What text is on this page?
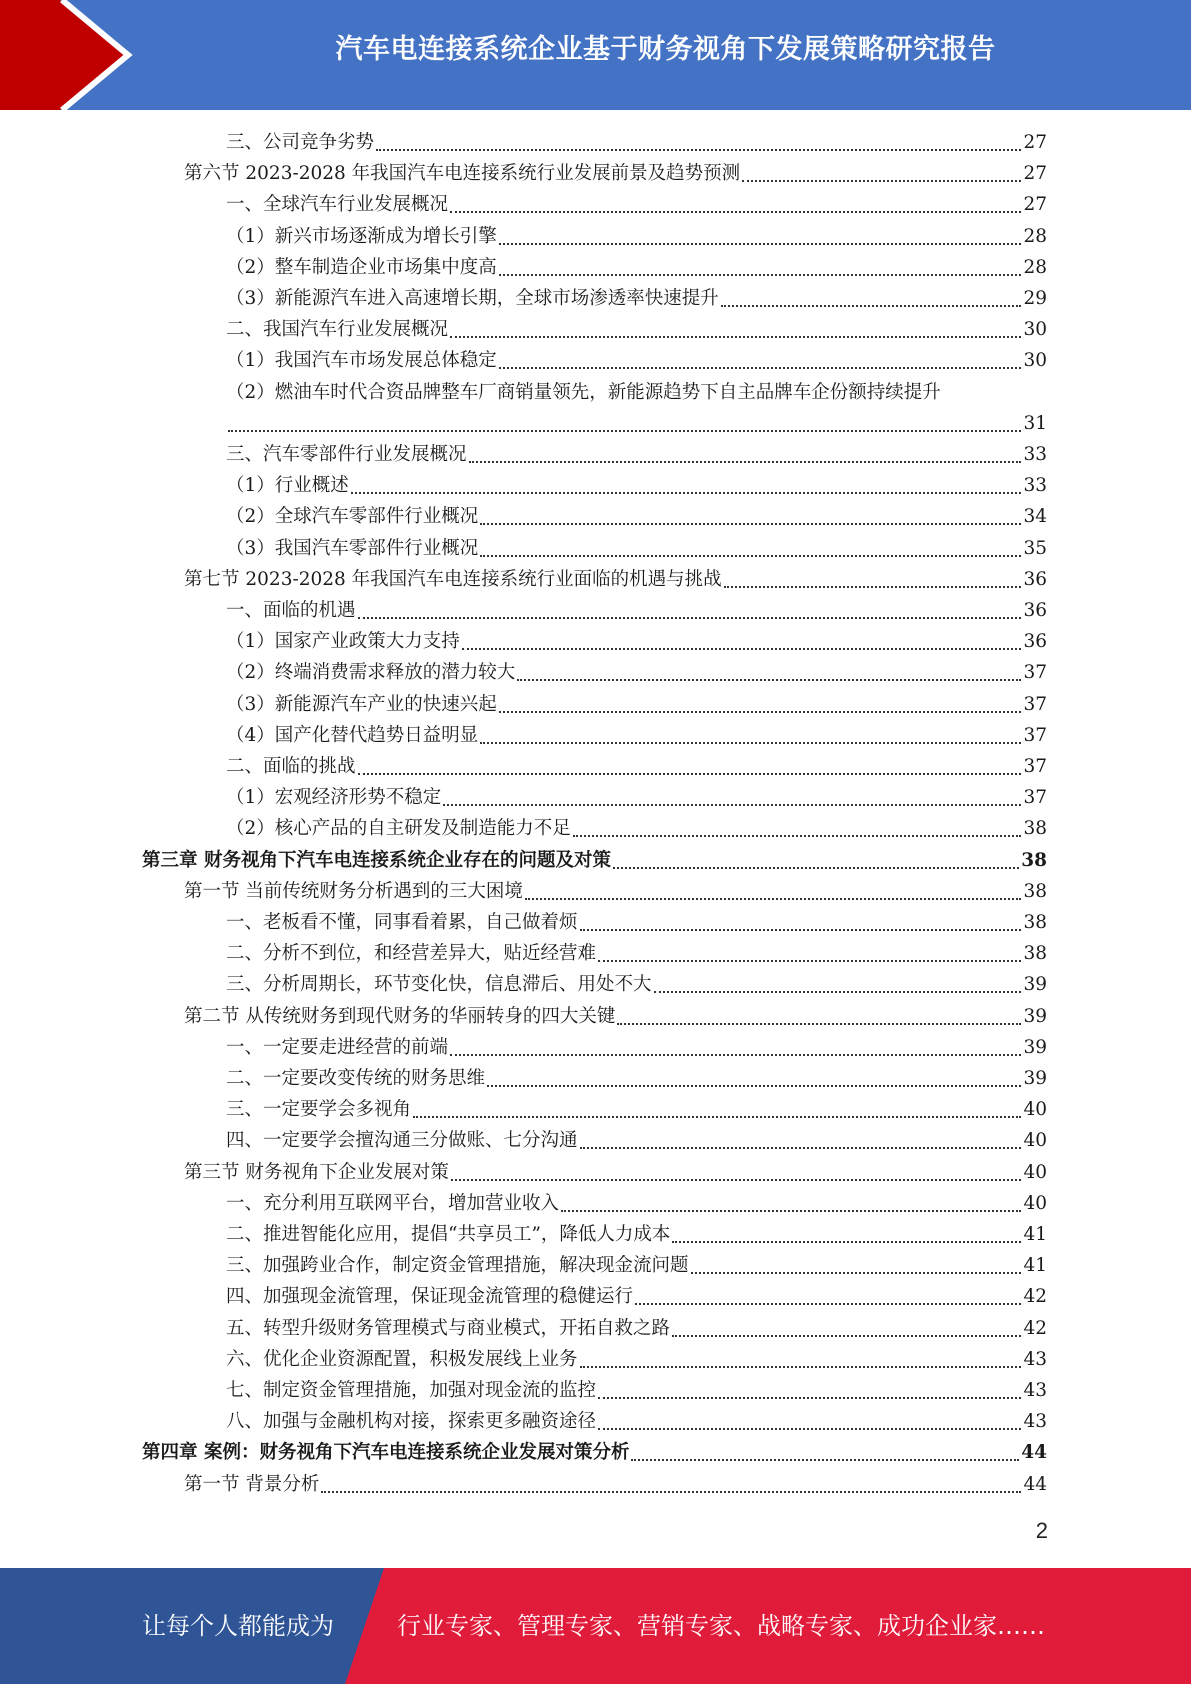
汽车电连接系统企业基于财务视角下发展策略研究报告
三、公司竞争劣势	27
第六节 2023-2028 年我国汽车电连接系统行业发展前景及趋势预测	27
一、全球汽车行业发展概况	27
（1）新兴市场逐渐成为增长引擎	28
（2）整车制造企业市场集中度高	28
（3）新能源汽车进入高速增长期，全球市场渗透率快速提升	29
二、我国汽车行业发展概况	30
（1）我国汽车市场发展总体稳定	30
（2）燃油车时代合资品牌整车厂商销量领先，新能源趋势下自主品牌车企份额持续提升
31
三、汽车零部件行业发展概况	33
（1）行业概述	33
（2）全球汽车零部件行业概况	34
（3）我国汽车零部件行业概况	35
第七节 2023-2028 年我国汽车电连接系统行业面临的机遇与挑战	36
一、面临的机遇	36
（1）国家产业政策大力支持	36
（2）终端消费需求释放的潜力较大	37
（3）新能源汽车产业的快速兴起	37
（4）国产化替代趋势日益明显	37
二、面临的挑战	37
（1）宏观经济形势不稳定	37
（2）核心产品的自主研发及制造能力不足	38
第三章 财务视角下汽车电连接系统企业存在的问题及对策	38
第一节 当前传统财务分析遇到的三大困境	38
一、老板看不懂，同事看着累，自己做着烦	38
二、分析不到位，和经营差异大，贴近经营难	38
三、分析周期长，环节变化快，信息滞后、用处不大	39
第二节 从传统财务到现代财务的华丽转身的四大关键	39
一、一定要走进经营的前端	39
二、一定要改变传统的财务思维	39
三、一定要学会多视角	40
四、一定要学会擅沟通三分做账、七分沟通	40
第三节 财务视角下企业发展对策	40
一、充分利用互联网平台，增加营业收入	40
二、推进智能化应用，提倡“共享员工”，降低人力成本	41
三、加强跨业合作，制定资金管理措施，解决现金流问题	41
四、加强现金流管理，保证现金流管理的稳健运行	42
五、转型升级财务管理模式与商业模式，开拓自救之路	42
六、优化企业资源配置，积极发展线上业务	43
七、制定资金管理措施，加强对现金流的监控	43
八、加强与金融机构对接，探索更多融资途径	43
第四章 案例：财务视角下汽车电连接系统企业发展对策分析	44
第一节 背景分析	44
2
让每个人都能成为	行业专家、管理专家、营销专家、战略专家、成功企业家……
